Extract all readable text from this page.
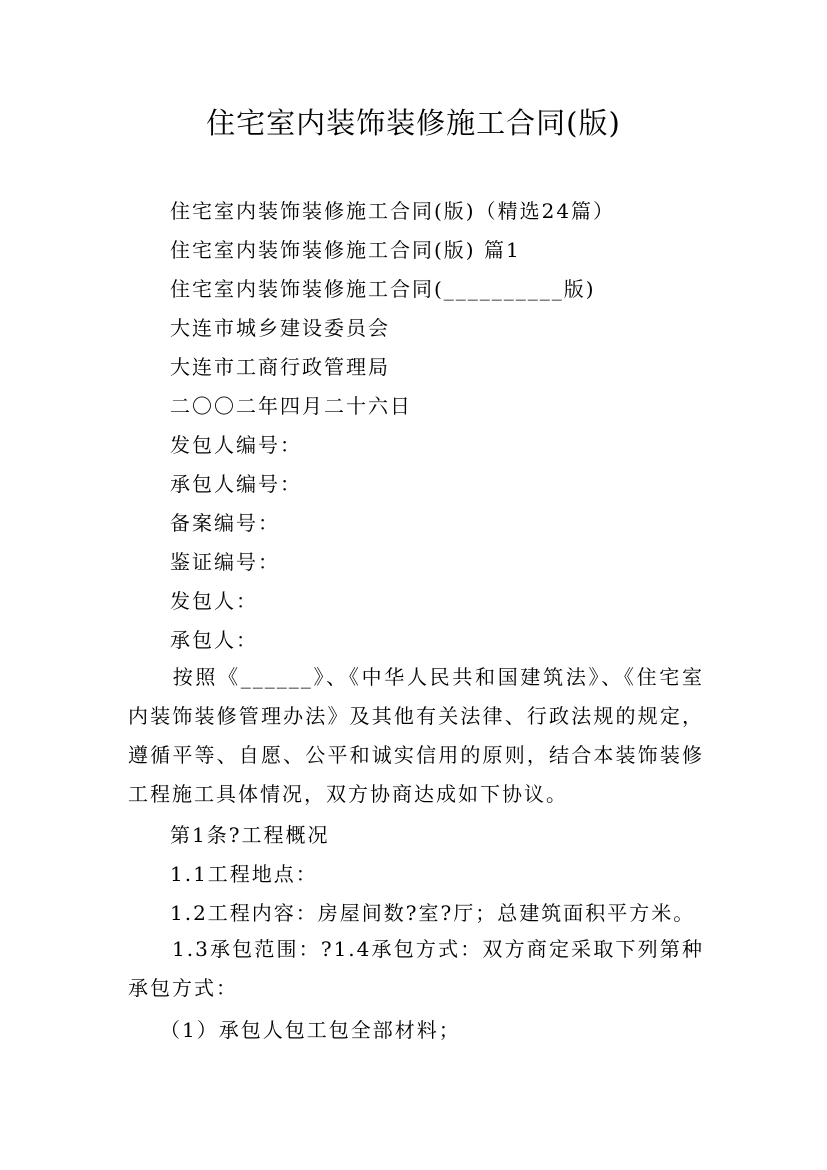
住宅室内装饰装修施工合同(版)

住宅室内装饰装修施工合同(版)（精选24篇）

住宅室内装饰装修施工合同(版) 篇1

住宅室内装饰装修施工合同(__________版)

大连市城乡建设委员会

大连市工商行政管理局

二〇〇二年四月二十六日

发包人编号：

承包人编号：

备案编号：

鉴证编号：

发包人：

承包人：

按照《______》、《中华人民共和国建筑法》、《住宅室内装饰装修管理办法》及其他有关法律、行政法规的规定，遵循平等、自愿、公平和诚实信用的原则，结合本装饰装修工程施工具体情况，双方协商达成如下协议。

第1条?工程概况

1.1工程地点：

1.2工程内容：房屋间数?室?厅；总建筑面积平方米。

1.3承包范围：?1.4承包方式：双方商定采取下列第种承包方式：

（1）承包人包工包全部材料；
